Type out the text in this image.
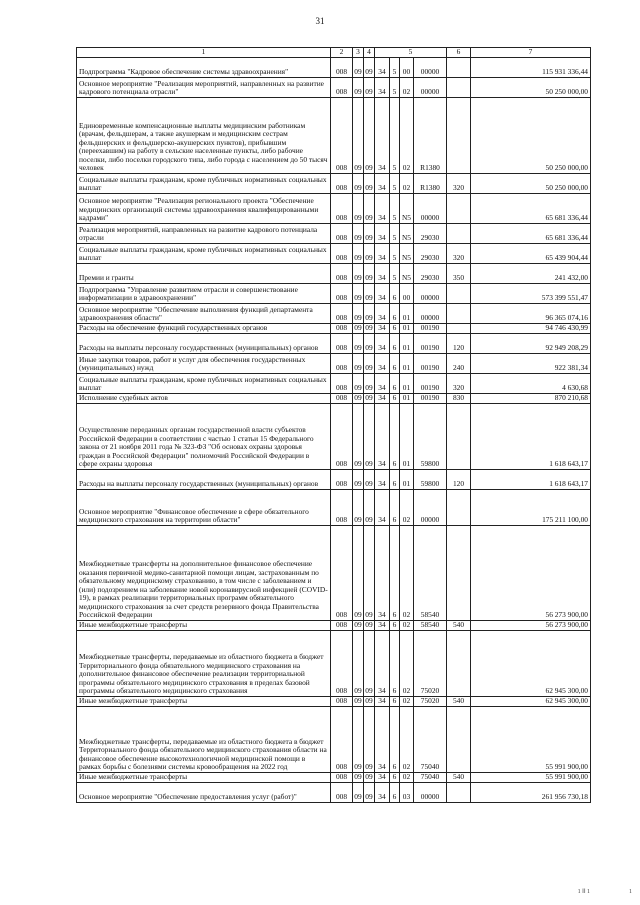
31
1	2	3	4	5				6	7
Подпрограмма "Кадровое обеспечение системы здравоохранения"	008	09	09	34	5	00	00000		115 931 336,44
Основное мероприятие "Реализация мероприятий, направленных на развитие кадрового потенциала отрасли"	008	09	09	34	5	02	00000		50 250 000,00
Единовременные компенсационные выплаты медицинским работникам (врачам, фельдшерам, а также акушеркам и медицинским сестрам фельдшерских и фельдшерско-акушерских пунктов), прибывшим (переехавшим) на работу в сельские населенные пункты, либо рабочие поселки, либо поселки городского типа, либо города с населением до 50 тысяч человек	008	09	09	34	5	02	R1380		50 250 000,00
Социальные выплаты гражданам, кроме публичных нормативных социальных выплат	008	09	09	34	5	02	R1380	320	50 250 000,00
Основное мероприятие "Реализация регионального проекта "Обеспечение медицинских организаций системы здравоохранения квалифицированными кадрами"	008	09	09	34	5	N5	00000		65 681 336,44
Реализация мероприятий, направленных на развитие кадрового потенциала отрасли	008	09	09	34	5	N5	29030		65 681 336,44
Социальные выплаты гражданам, кроме публичных нормативных социальных выплат	008	09	09	34	5	N5	29030	320	65 439 904,44
Премии и гранты	008	09	09	34	5	N5	29030	350	241 432,00
Подпрограмма "Управление развитием отрасли и совершенствование информатизации в здравоохранении"	008	09	09	34	6	00	00000		573 399 551,47
Основное мероприятие "Обеспечение выполнения функций департамента здравоохранения области"	008	09	09	34	6	01	00000		96 365 074,16
Расходы на обеспечение функций государственных органов	008	09	09	34	6	01	00190		94 746 430,99
Расходы на выплаты персоналу государственных (муниципальных) органов	008	09	09	34	6	01	00190	120	92 949 208,29
Иные закупки товаров, работ и услуг для обеспечения государственных (муниципальных) нужд	008	09	09	34	6	01	00190	240	922 381,34
Социальные выплаты гражданам, кроме публичных нормативных социальных выплат	008	09	09	34	6	01	00190	320	4 630,68
Исполнение судебных актов	008	09	09	34	6	01	00190	830	870 210,68
Осуществление переданных органам государственной власти субъектов Российской Федерации в соответствии с частью 1 статьи 15 Федерального закона от 21 ноября 2011 года № 323-ФЗ "Об основах охраны здоровья граждан в Российской Федерации" полномочий Российской Федерации в сфере охраны здоровья	008	09	09	34	6	01	59800		1 618 643,17
Расходы на выплаты персоналу государственных (муниципальных) органов	008	09	09	34	6	01	59800	120	1 618 643,17
Основное мероприятие "Финансовое обеспечение в сфере обязательного медицинского страхования на территории области"	008	09	09	34	6	02	00000		175 211 100,00
Межбюджетные трансферты на дополнительное финансовое обеспечение оказания первичной медико-санитарной помощи лицам, застрахованным по обязательному медицинскому страхованию, в том числе с заболеванием и (или) подозрением на заболевание новой коронавирусной инфекцией (COVID-19), в рамках реализации территориальных программ обязательного медицинского страхования за счет средств резервного фонда Правительства Российской Федерации	008	09	09	34	6	02	58540		56 273 900,00
Иные межбюджетные трансферты	008	09	09	34	6	02	58540	540	56 273 900,00
Межбюджетные трансферты, передаваемые из областного бюджета в бюджет Территориального фонда обязательного медицинского страхования на дополнительное финансовое обеспечение реализации территориальной программы обязательного медицинского страхования в пределах базовой программы обязательного медицинского страхования	008	09	09	34	6	02	75020		62 945 300,00
Иные межбюджетные трансферты	008	09	09	34	6	02	75020	540	62 945 300,00
Межбюджетные трансферты, передаваемые из областного бюджета в бюджет Территориального фонда обязательного медицинского страхования области на финансовое обеспечение высокотехнологичной медицинской помощи в рамках борьбы с болезнями системы кровообращения на 2022 год	008	09	09	34	6	02	75040		55 991 900,00
Иные межбюджетные трансферты	008	09	09	34	6	02	75040	540	55 991 900,00
Основное мероприятие "Обеспечение предоставления услуг (работ)"	008	09	09	34	6	03	00000		261 956 730,18
1 ‖‖ 1	1
